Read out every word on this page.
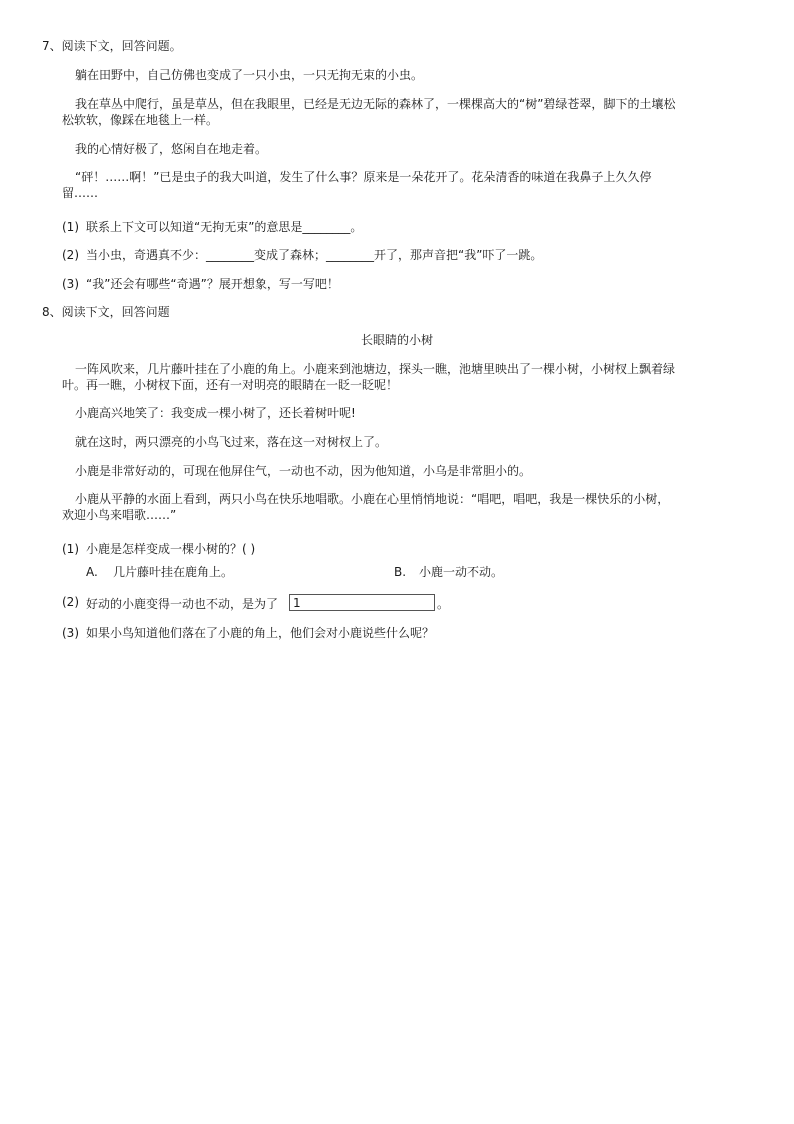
7、阅读下文，回答问题。
躺在田野中，自己仿佛也变成了一只小虫，一只无拘无束的小虫。
我在草丛中爬行，虽是草丛，但在我眼里，已经是无边无际的森林了，一棵棵高大的“树”碧绿苍翠，脚下的土壤松
松软软，像踩在地毯上一样。
我的心情好极了，悠闲自在地走着。
“砰！……啊！”已是虫子的我大叫道，发生了什么事？原来是一朵花开了。花朵清香的味道在我鼻子上久久停
留……
(1) 联系上下文可以知道“无拘无束”的意思是________。
(2) 当小虫，奇遇真不少：________变成了森林；________开了，那声音把“我”吓了一跳。
(3) “我”还会有哪些“奇遇”？展开想象，写一写吧！
8、阅读下文，回答问题
长眼睛的小树
一阵风吹来，几片藤叶挂在了小鹿的角上。小鹿来到池塘边，探头一瞧，池塘里映出了一棵小树，小树杈上飘着绿
叶。再一瞧，小树杈下面，还有一对明亮的眼睛在一眨一眨呢！
小鹿高兴地笑了：我变成一棵小树了，还长着树叶呢!
就在这时，两只漂亮的小鸟飞过来，落在这一对树杈上了。
小鹿是非常好动的，可现在他屏住气，一动也不动，因为他知道，小乌是非常胆小的。
小鹿从平静的水面上看到，两只小鸟在快乐地唱歌。小鹿在心里悄悄地说：“唱吧，唱吧，我是一棵快乐的小树，
欢迎小鸟来唱歌……”
(1) 小鹿是怎样变成一棵小树的？( )
A. 几片藤叶挂在鹿角上。	B. 小鹿一动不动。
(2) 好动的小鹿变得一动也不动，是为了
1	。
(3) 如果小鸟知道他们落在了小鹿的角上，他们会对小鹿说些什么呢？
